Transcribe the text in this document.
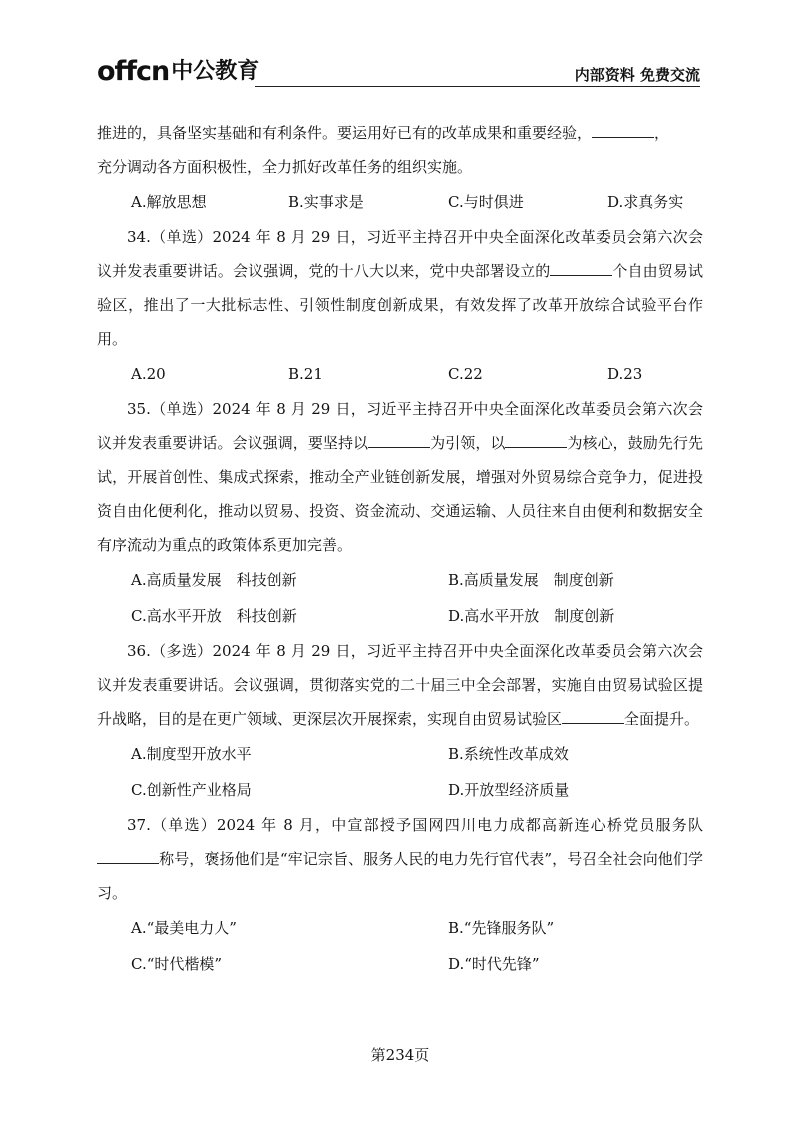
offcn 中公教育	内部资料 免费交流

推进的，具备坚实基础和有利条件。要运用好已有的改革成果和重要经验，	，
充分调动各方面积极性，全力抓好改革任务的组织实施。

A.解放思想	B.实事求是	C.与时俱进	D.求真务实

34.（单选）2024 年 8 月 29 日，习近平主持召开中央全面深化改革委员会第六次会议并发表重要讲话。会议强调，党的十八大以来，党中央部署设立的	个自由贸易试验区，推出了一大批标志性、引领性制度创新成果，有效发挥了改革开放综合试验平台作用。

A.20	B.21	C.22	D.23

35.（单选）2024 年 8 月 29 日，习近平主持召开中央全面深化改革委员会第六次会议并发表重要讲话。会议强调，要坚持以	为引领，以	为核心，鼓励先行先试，开展首创性、集成式探索，推动全产业链创新发展，增强对外贸易综合竞争力，促进投资自由化便利化，推动以贸易、投资、资金流动、交通运输、人员往来自由便利和数据安全有序流动为重点的政策体系更加完善。

A.高质量发展　科技创新	B.高质量发展　制度创新
C.高水平开放　科技创新	D.高水平开放　制度创新

36.（多选）2024 年 8 月 29 日，习近平主持召开中央全面深化改革委员会第六次会议并发表重要讲话。会议强调，贯彻落实党的二十届三中全会部署，实施自由贸易试验区提升战略，目的是在更广领域、更深层次开展探索，实现自由贸易试验区	全面提升。

A.制度型开放水平	B.系统性改革成效
C.创新性产业格局	D.开放型经济质量

37.（单选）2024 年 8 月，中宣部授予国网四川电力成都高新连心桥党员服务队称号，褒扬他们是“牢记宗旨、服务人民的电力先行官代表”，号召全社会向他们学习。

A.“最美电力人”	B.“先锋服务队”
C.“时代楷模”	D.“时代先锋”
第234页
